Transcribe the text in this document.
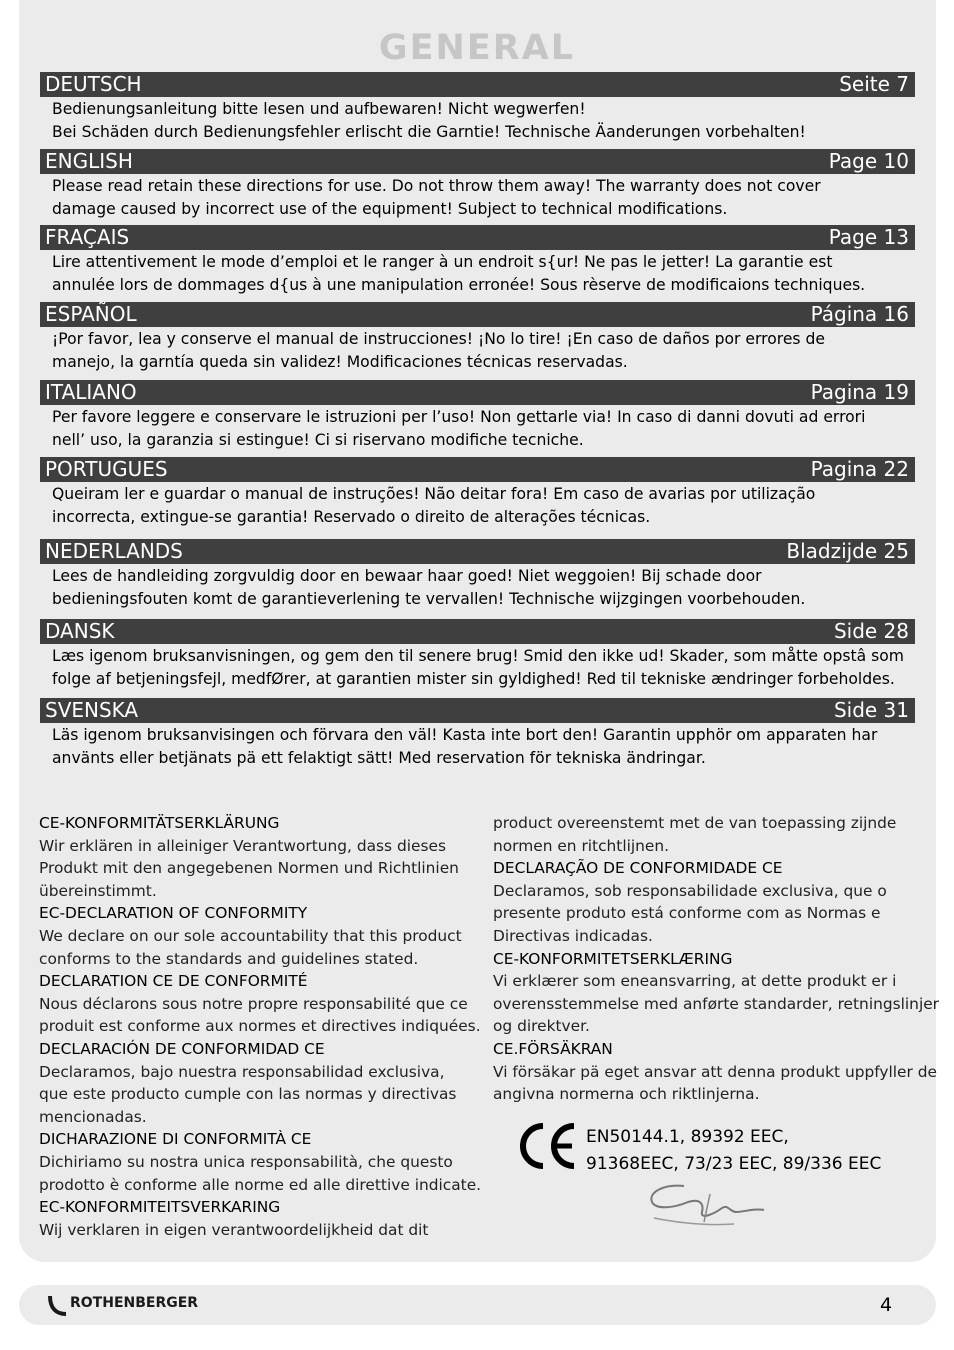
GENERAL
DEUTSCH	Seite 7
Bedienungsanleitung bitte lesen und aufbewaren! Nicht wegwerfen!
Bei Schäden durch Bedienungsfehler erlischt die Garntie! Technische Äanderungen vorbehalten!
ENGLISH	Page 10
Please read retain these directions for use. Do not throw them away! The warranty does not cover
damage caused by incorrect use of the equipment! Subject to technical modifications.
FRAÇAIS	Page 13
Lire attentivement le mode d’emploi et le ranger à un endroit s{ur! Ne pas le jetter! La garantie est
annulée lors de dommages d{us à une manipulation erronée! Sous rèserve de modificaions techniques.
ESPAÑOL	Página 16
¡Por favor, lea y conserve el manual de instrucciones! ¡No lo tire! ¡En caso de daños por errores de
manejo, la garntía queda sin validez! Modificaciones técnicas reservadas.
ITALIANO	Pagina 19
Per favore leggere e conservare le istruzioni per l’uso! Non gettarle via! In caso di danni dovuti ad errori
nell’ uso, la garanzia si estingue! Ci si riservano modifiche tecniche.
PORTUGUES	Pagina 22
Queiram ler e guardar o manual de instruções! Não deitar fora! Em caso de avarias por utilização
incorrecta, extingue-se garantia! Reservado o direito de alterações técnicas.
NEDERLANDS	Bladzijde 25
Lees de handleiding zorgvuldig door en bewaar haar goed! Niet weggoien! Bij schade door
bedieningsfouten komt de garantieverlening te vervallen! Technische wijzgingen voorbehouden.
DANSK	Side 28
Læs igenom bruksanvisningen, og gem den til senere brug! Smid den ikke ud! Skader, som måtte opstâ som
folge af betjeningsfejl, medfØrer, at garantien mister sin gyldighed! Red til tekniske ændringer forbeholdes.
SVENSKA	Side 31
Läs igenom bruksanvisingen och förvara den väl! Kasta inte bort den! Garantin upphör om apparaten har
använts eller betjänats pä ett felaktigt sätt! Med reservation för tekniska ändringar.
CE-KONFORMITÄTSERKLÄRUNG
Wir erklären in alleiniger Verantwortung, dass dieses
Produkt mit den angegebenen Normen und Richtlinien
übereinstimmt.
EC-DECLARATION OF CONFORMITY
We declare on our sole accountability that this product
conforms to the standards and guidelines stated.
DECLARATION CE DE CONFORMITÉ
Nous déclarons sous notre propre responsabilité que ce
produit est conforme aux normes et directives indiquées.
DECLARACIÓN DE CONFORMIDAD CE
Declaramos, bajo nuestra responsabilidad exclusiva,
que este producto cumple con las normas y directivas
mencionadas.
DICHARAZIONE DI CONFORMITÀ CE
Dichiriamo su nostra unica responsabilità, che questo
prodotto è conforme alle norme ed alle direttive indicate.
EC-KONFORMITEITSVERKARING
Wij verklaren in eigen verantwoordelijkheid dat dit
product overeenstemt met de van toepassing zijnde
normen en ritchtlijnen.
DECLARAÇÃO DE CONFORMIDADE CE
Declaramos, sob responsabilidade exclusiva, que o
presente produto está conforme com as Normas e
Directivas indicadas.
CE-KONFORMITETSERKLÆRING
Vi erklærer som eneansvarring, at dette produkt er i
overensstemmelse med anførte standarder, retningslinjer
og direktver.
CE.FÖRSÄKRAN
Vi försäkar pä eget ansvar att denna produkt uppfyller de
angivna normerna och riktlinjerna.
EN50144.1, 89392 EEC,
91368EEC, 73/23 EEC, 89/336 EEC
ROTHENBERGER	4
